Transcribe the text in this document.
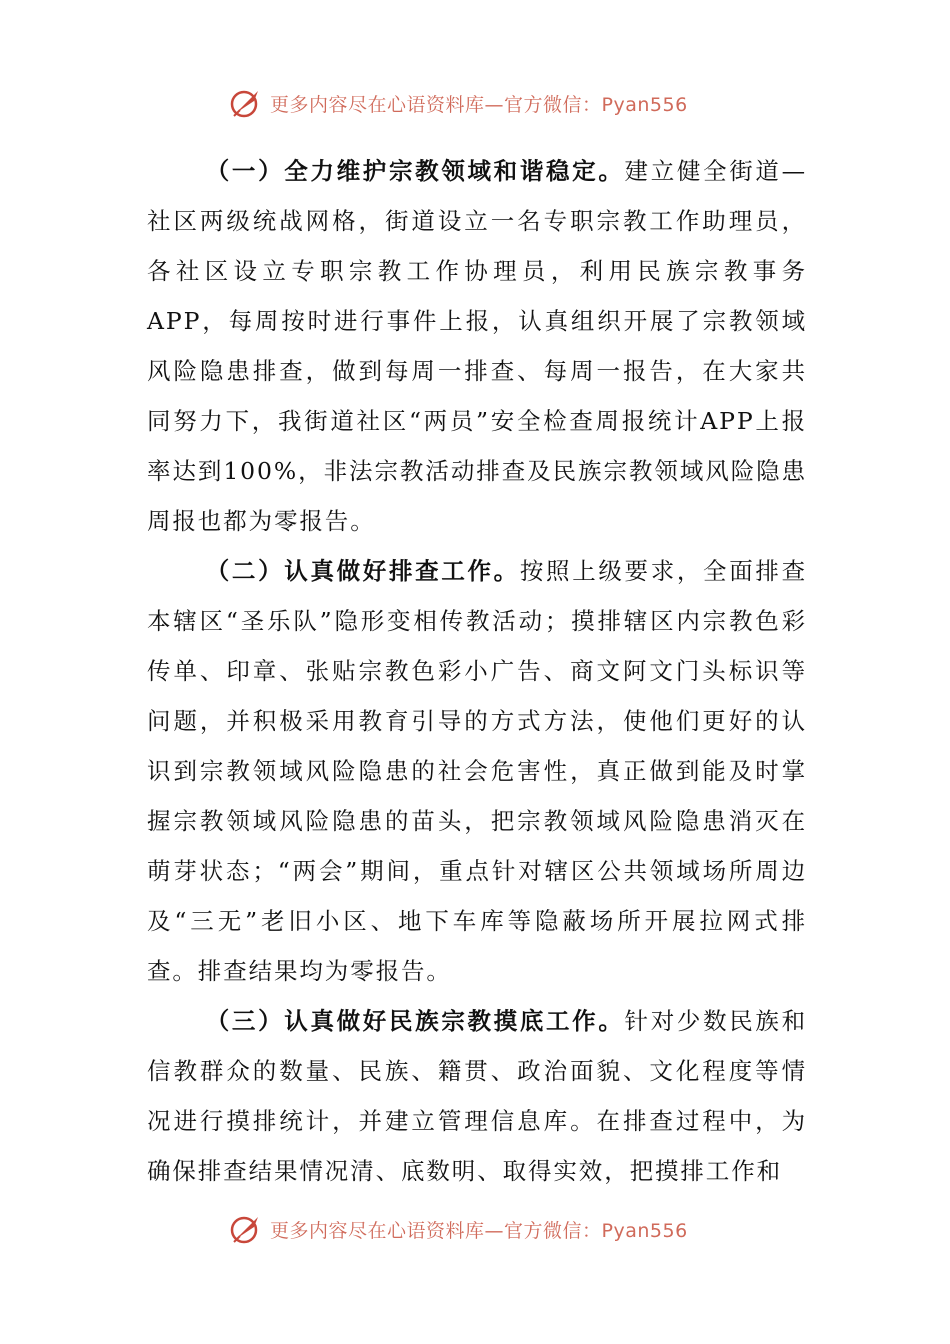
更多内容尽在心语资料库—官方微信：Pyan556

（一）全力维护宗教领域和谐稳定。建立健全街道—社区两级统战网格，街道设立一名专职宗教工作助理员，各社区设立专职宗教工作协理员，利用民族宗教事务APP，每周按时进行事件上报，认真组织开展了宗教领域风险隐患排查，做到每周一排查、每周一报告，在大家共同努力下，我街道社区“两员”安全检查周报统计APP上报率达到100%，非法宗教活动排查及民族宗教领域风险隐患周报也都为零报告。

（二）认真做好排查工作。按照上级要求，全面排查本辖区“圣乐队”隐形变相传教活动；摸排辖区内宗教色彩传单、印章、张贴宗教色彩小广告、商文阿文门头标识等问题，并积极采用教育引导的方式方法，使他们更好的认识到宗教领域风险隐患的社会危害性，真正做到能及时掌握宗教领域风险隐患的苗头，把宗教领域风险隐患消灭在萌芽状态；“两会”期间，重点针对辖区公共领域场所周边及“三无”老旧小区、地下车库等隐蔽场所开展拉网式排查。排查结果均为零报告。

（三）认真做好民族宗教摸底工作。针对少数民族和信教群众的数量、民族、籍贯、政治面貌、文化程度等情况进行摸排统计，并建立管理信息库。在排查过程中，为确保排查结果情况清、底数明、取得实效，把摸排工作和

更多内容尽在心语资料库—官方微信：Pyan556
